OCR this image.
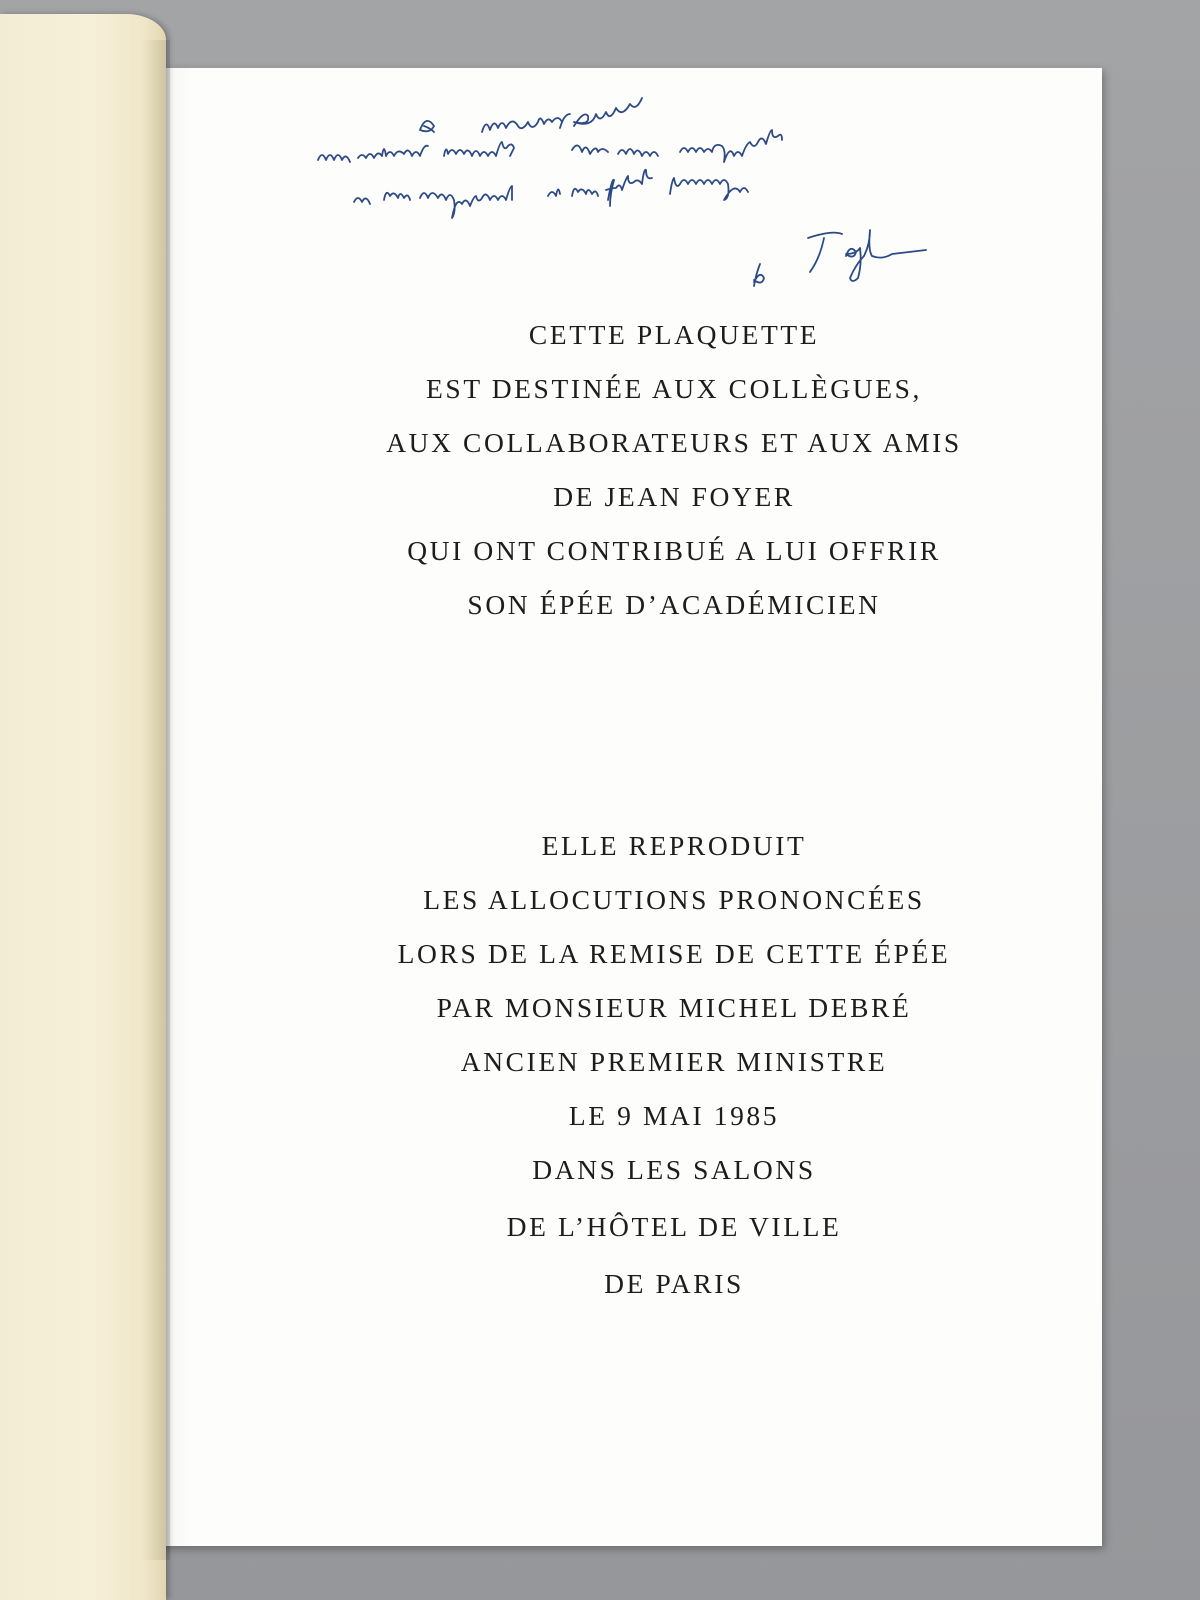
CETTE PLAQUETTE
EST DESTINÉE AUX COLLÈGUES,
AUX COLLABORATEURS ET AUX AMIS
DE JEAN FOYER
QUI ONT CONTRIBUÉ A LUI OFFRIR
SON ÉPÉE D’ACADÉMICIEN
ELLE REPRODUIT
LES ALLOCUTIONS PRONONCÉES
LORS DE LA REMISE DE CETTE ÉPÉE
PAR MONSIEUR MICHEL DEBRÉ
ANCIEN PREMIER MINISTRE
LE 9 MAI 1985
DANS LES SALONS
DE L’HÔTEL DE VILLE
DE PARIS
